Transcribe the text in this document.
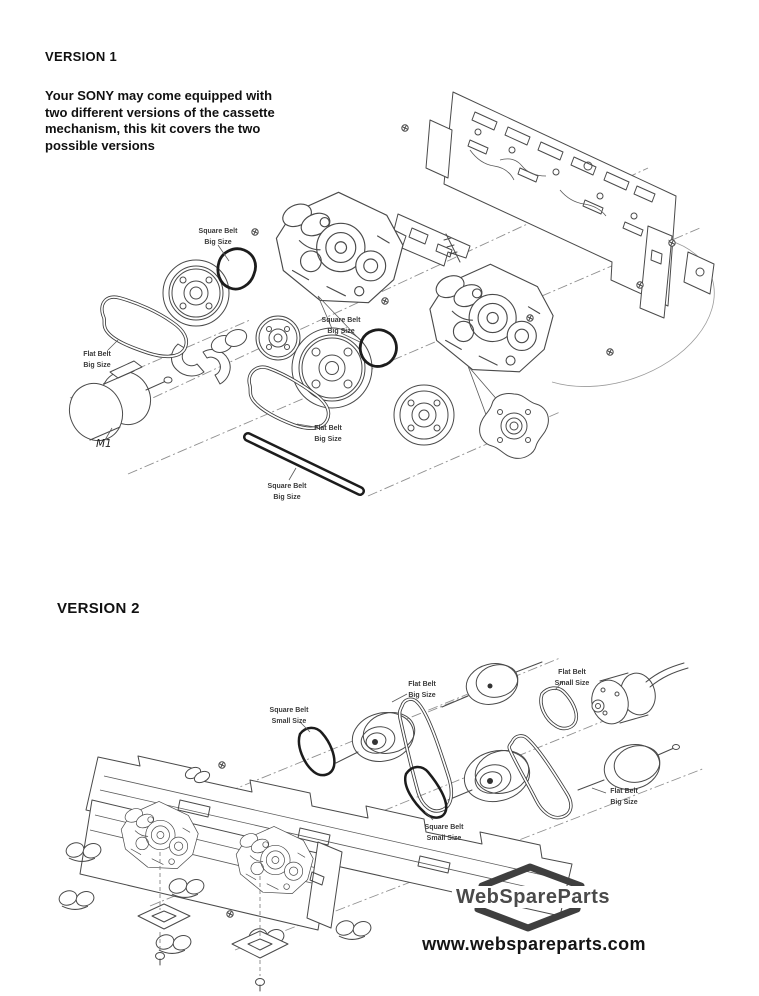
VERSION 1
Your SONY may come equipped with
two different versions of the cassette
mechanism, this kit covers the two
possible versions
Square Belt
Big Size
Square Belt
Big Size
Flat Belt
Big Size
Flat Belt
Big Size
Square Belt
Big Size
M1
VERSION 2
Square Belt
Small Size
Flat Belt
Big Size
Flat Belt
Small Size
Square Belt
Small Size
Flat Belt
Big Size
WebSpareParts
www.webspareparts.com
